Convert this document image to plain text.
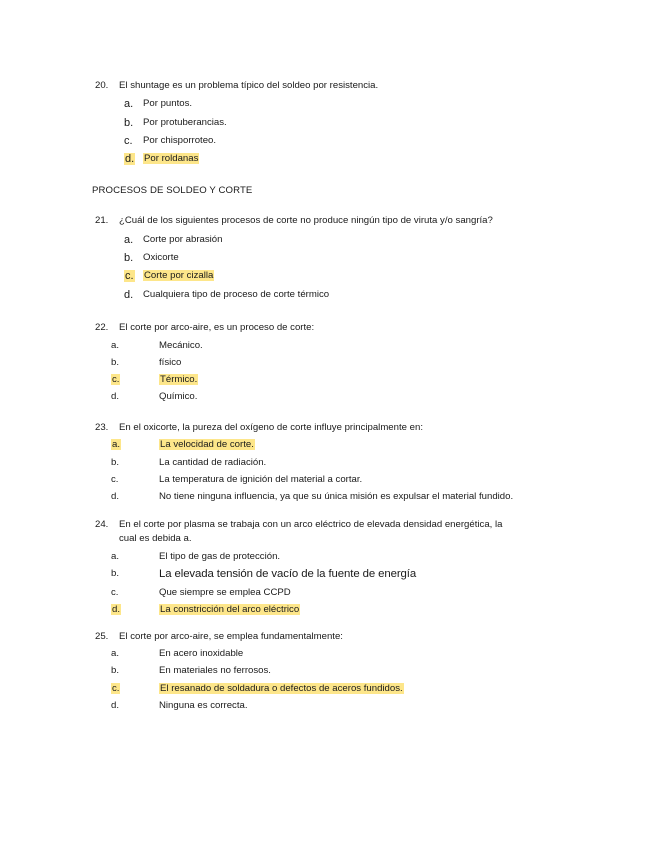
20. El shuntage es un problema típico del soldeo por resistencia.
a. Por puntos.
b. Por protuberancias.
c. Por chisporroteo.
d. Por roldanas
PROCESOS DE SOLDEO Y CORTE
21. ¿Cuál de los siguientes procesos de corte no produce ningún tipo de viruta y/o sangría?
a. Corte por abrasión
b. Oxicorte
c. Corte por cizalla
d. Cualquiera tipo de proceso de corte térmico
22. El corte por arco-aire, es un proceso de corte:
a.	Mecánico.
b.	físico
c.	Térmico.
d.	Químico.
23. En el oxicorte, la pureza del oxígeno de corte influye principalmente en:
a.	La velocidad de corte.
b.	La cantidad de radiación.
c.	La temperatura de ignición del material a cortar.
d.	No tiene ninguna influencia, ya que su única misión es expulsar el material fundido.
24. En el corte por plasma se trabaja con un arco eléctrico de elevada densidad energética, la
cual es debida a.
a.	El tipo de gas de protección.
b.	La elevada tensión de vacío de la fuente de energía
c.	Que siempre se emplea CCPD
d.	La constricción del arco eléctrico
25. El corte por arco-aire, se emplea fundamentalmente:
a.	En acero inoxidable
b.	En materiales no ferrosos.
c.	El resanado de soldadura o defectos de aceros fundidos.
d.	Ninguna es correcta.
